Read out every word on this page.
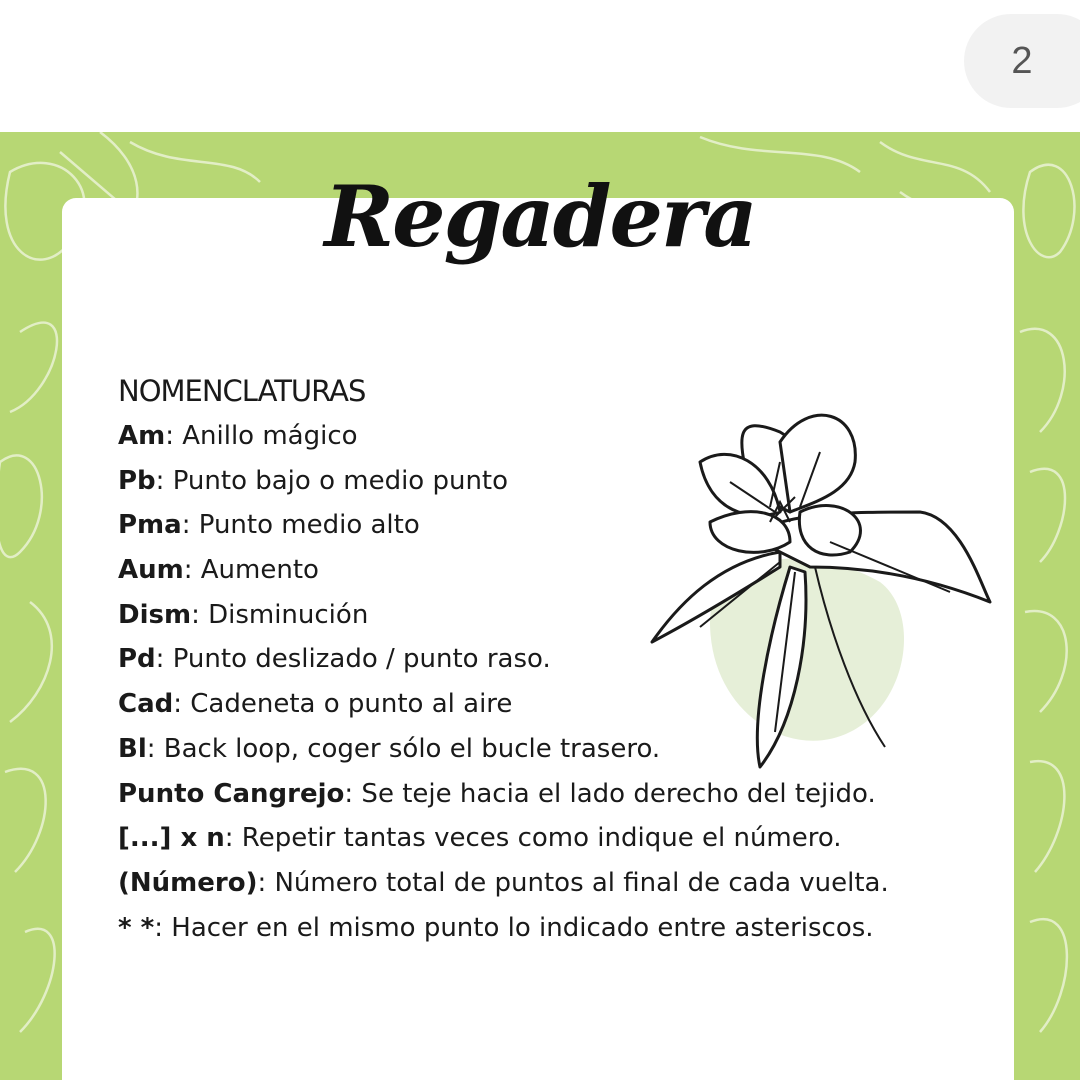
2
Regadera
NOMENCLATURAS
Am: Anillo mágico
Pb: Punto bajo o medio punto
Pma: Punto medio alto
Aum: Aumento
Dism: Disminución
Pd: Punto deslizado / punto raso.
Cad: Cadeneta o punto al aire
Bl: Back loop, coger sólo el bucle trasero.
Punto Cangrejo: Se teje hacia el lado derecho del tejido.
[...] x n: Repetir tantas veces como indique el número.
(Número): Número total de puntos al final de cada vuelta.
* *: Hacer en el mismo punto lo indicado entre asteriscos.
